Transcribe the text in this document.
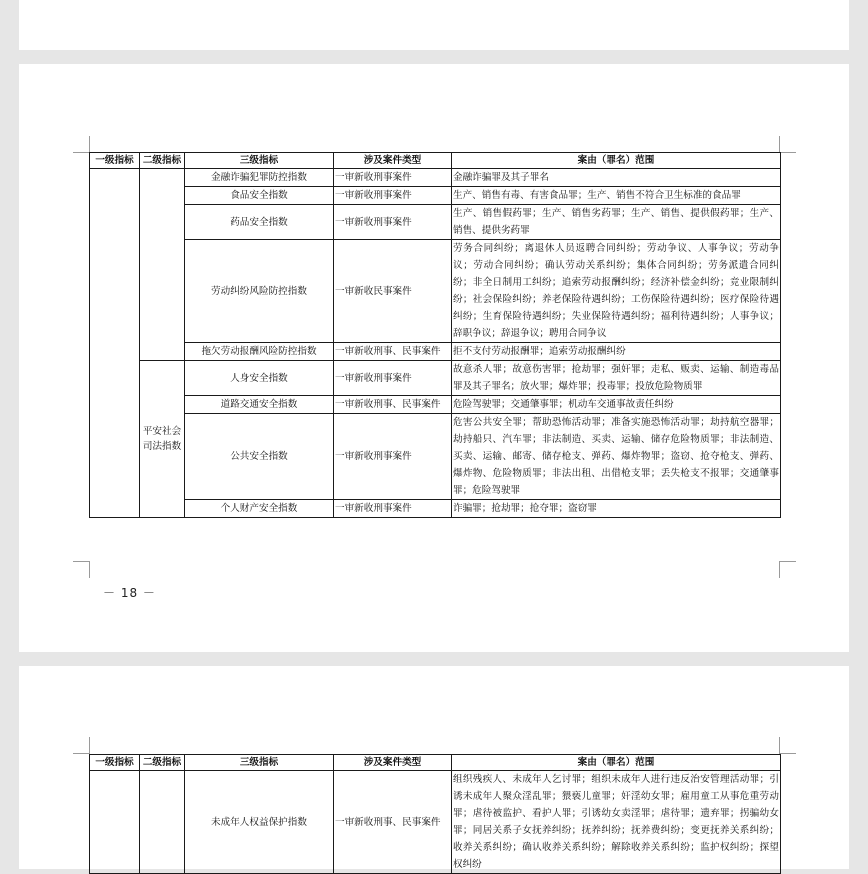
一级指标	二级指标	三级指标	涉及案件类型	案由（罪名）范围
		金融诈骗犯罪防控指数	一审新收刑事案件	金融诈骗罪及其子罪名
		食品安全指数	一审新收刑事案件	生产、销售有毒、有害食品罪；生产、销售不符合卫生标准的食品罪
		药品安全指数	一审新收刑事案件	生产、销售假药罪；生产、销售劣药罪；生产、销售、提供假药罪；生产、销售、提供劣药罪
		劳动纠纷风险防控指数	一审新收民事案件	劳务合同纠纷；离退休人员返聘合同纠纷；劳动争议、人事争议；劳动争议；劳动合同纠纷；确认劳动关系纠纷；集体合同纠纷；劳务派遣合同纠纷；非全日制用工纠纷；追索劳动报酬纠纷；经济补偿金纠纷；竞业限制纠纷；社会保险纠纷；养老保险待遇纠纷；工伤保险待遇纠纷；医疗保险待遇纠纷；生育保险待遇纠纷；失业保险待遇纠纷；福利待遇纠纷；人事争议；辞职争议；辞退争议；聘用合同争议
		拖欠劳动报酬风险防控指数	一审新收刑事、民事案件	拒不支付劳动报酬罪；追索劳动报酬纠纷
	平安社会司法指数	人身安全指数	一审新收刑事案件	故意杀人罪；故意伤害罪；抢劫罪；强奸罪；走私、贩卖、运输、制造毒品罪及其子罪名；放火罪；爆炸罪；投毒罪；投放危险物质罪
		道路交通安全指数	一审新收刑事、民事案件	危险驾驶罪；交通肇事罪；机动车交通事故责任纠纷
		公共安全指数	一审新收刑事案件	危害公共安全罪；帮助恐怖活动罪；准备实施恐怖活动罪；劫持航空器罪；劫持船只、汽车罪；非法制造、买卖、运输、储存危险物质罪；非法制造、买卖、运输、邮寄、储存枪支、弹药、爆炸物罪；盗窃、抢夺枪支、弹药、爆炸物、危险物质罪；非法出租、出借枪支罪；丢失枪支不报罪；交通肇事罪；危险驾驶罪
		个人财产安全指数	一审新收刑事案件	诈骗罪；抢劫罪；抢夺罪；盗窃罪
－ 18 －
一级指标	二级指标	三级指标	涉及案件类型	案由（罪名）范围
		未成年人权益保护指数	一审新收刑事、民事案件	组织残疾人、未成年人乞讨罪；组织未成年人进行违反治安管理活动罪；引诱未成年人聚众淫乱罪；猥亵儿童罪；奸淫幼女罪；雇用童工从事危重劳动罪；虐待被监护、看护人罪；引诱幼女卖淫罪；虐待罪；遗弃罪；拐骗幼女罪；同居关系子女抚养纠纷；抚养纠纷；抚养费纠纷；变更抚养关系纠纷；收养关系纠纷；确认收养关系纠纷；解除收养关系纠纷；监护权纠纷；探望权纠纷
